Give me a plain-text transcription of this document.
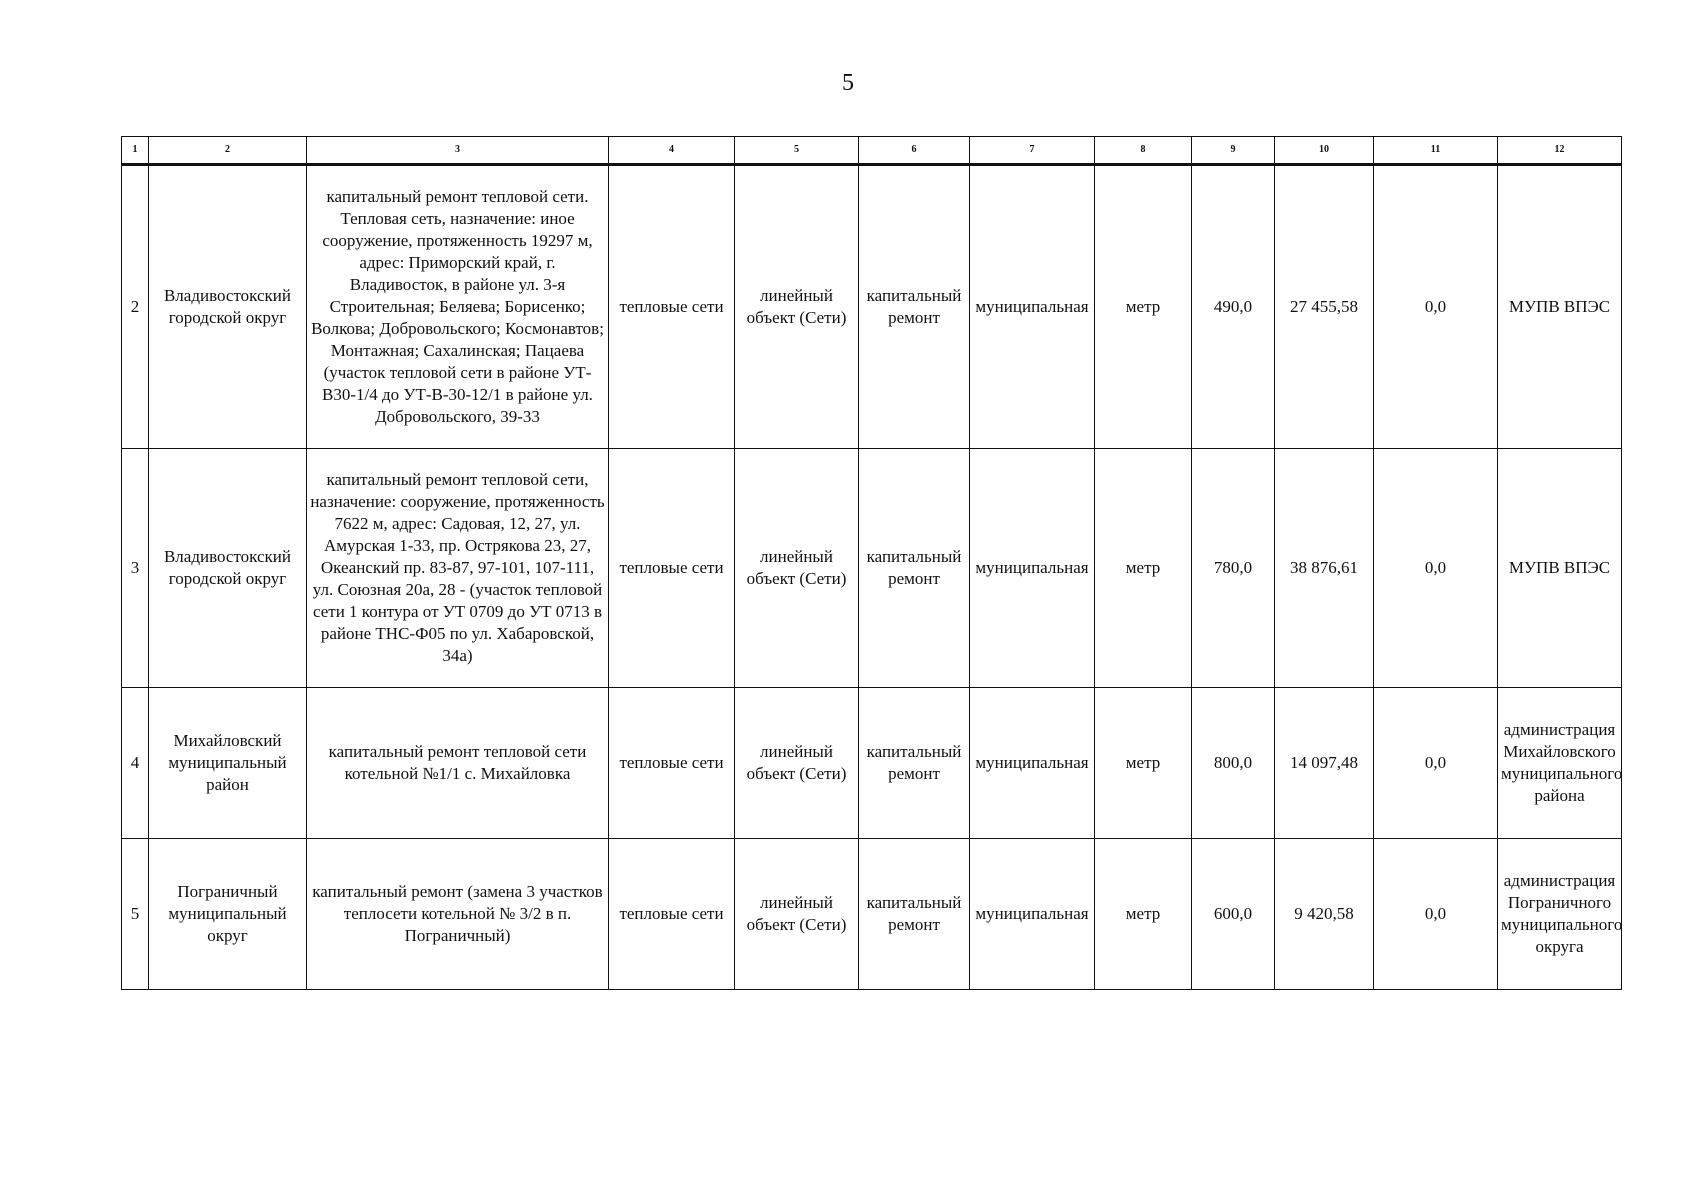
5
1	2	3	4	5	6	7	8	9	10	11	12
2	Владивостокский городской округ	капитальный ремонт тепловой сети. Тепловая сеть, назначение: иное сооружение, протяженность 19297 м, адрес: Приморский край, г. Владивосток, в районе ул. 3-я Строительная; Беляева; Борисенко; Волкова; Добровольского; Космонавтов; Монтажная; Сахалинская; Пацаева (участок тепловой сети в районе УТ-В30-1/4 до УТ-В-30-12/1 в районе ул. Добровольского, 39-33	тепловые сети	линейный объект (Сети)	капитальный ремонт	муниципальная	метр	490,0	27 455,58	0,0	МУПВ ВПЭС
3	Владивостокский городской округ	капитальный ремонт тепловой сети, назначение: сооружение, протяженность 7622 м, адрес: Садовая, 12, 27, ул. Амурская 1-33, пр. Острякова 23, 27, Океанский пр. 83-87, 97-101, 107-111, ул. Союзная 20а, 28 - (участок тепловой сети 1 контура от УТ 0709 до УТ 0713 в районе ТНС-Ф05 по ул. Хабаровской, 34а)	тепловые сети	линейный объект (Сети)	капитальный ремонт	муниципальная	метр	780,0	38 876,61	0,0	МУПВ ВПЭС
4	Михайловский муниципальный район	капитальный ремонт тепловой сети котельной №1/1 с. Михайловка	тепловые сети	линейный объект (Сети)	капитальный ремонт	муниципальная	метр	800,0	14 097,48	0,0	администрация Михайловского муниципального района
5	Пограничный муниципальный округ	капитальный ремонт (замена 3 участков теплосети котельной № 3/2 в п. Пограничный)	тепловые сети	линейный объект (Сети)	капитальный ремонт	муниципальная	метр	600,0	9 420,58	0,0	администрация Пограничного муниципального округа
